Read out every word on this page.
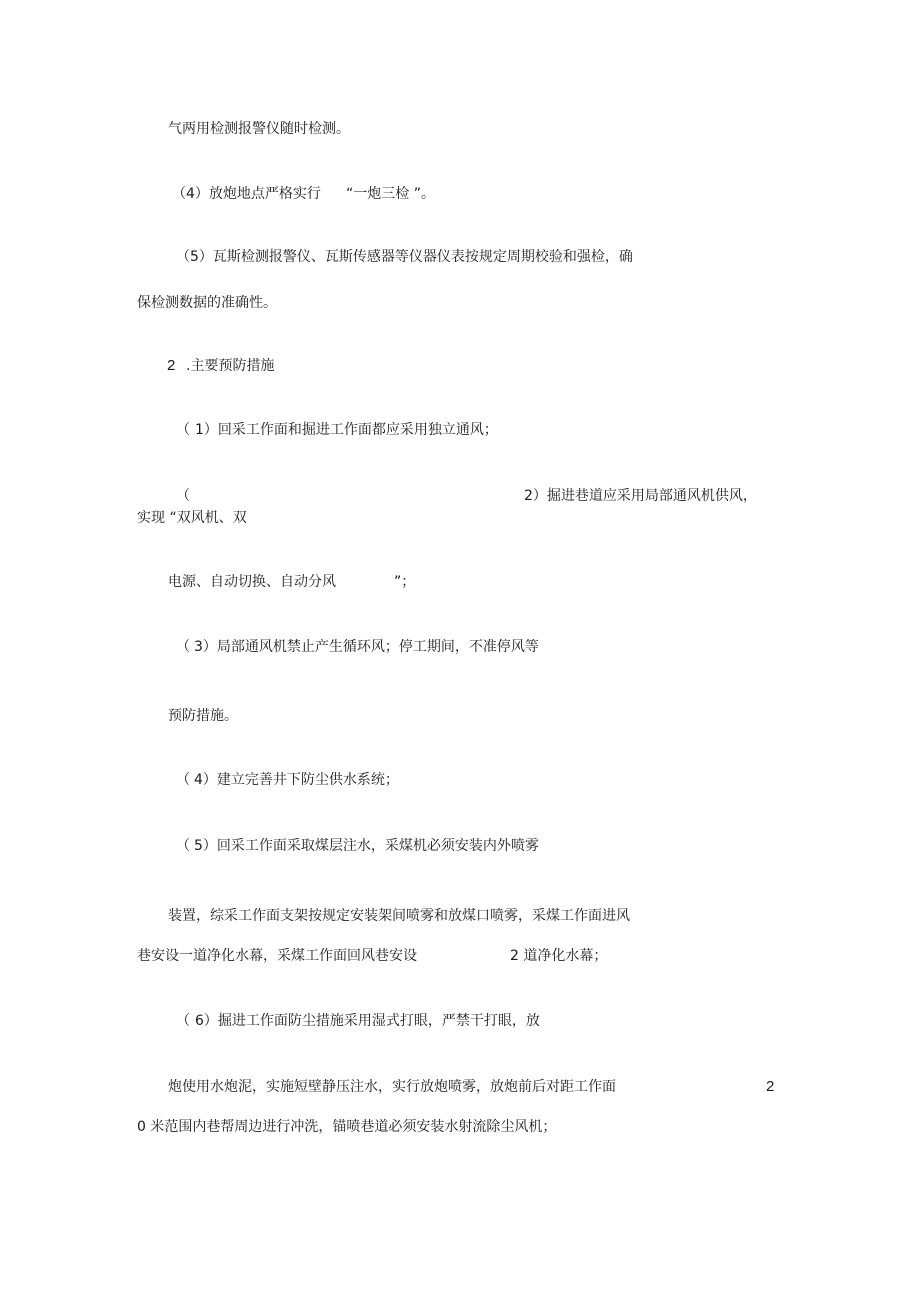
气两用检测报警仪随时检测。
（4）放炮地点严格实行 “一炮三检 ”。
（ 5）瓦斯检测报警仪、瓦斯传感器等仪器仪表按规定周期校验和强检，确
保检测数据的准确性。
2 .主要预防措施
（ 1）回采工作面和掘进工作面都应采用独立通风；
（	2）掘进巷道应采用局部通风机供风，
实现 “双风机、双
电源、自动切换、自动分风	”；
（ 3）局部通风机禁止产生循环风；停工期间，不准停风等
预防措施。
（ 4）建立完善井下防尘供水系统；
（ 5）回采工作面采取煤层注水，采煤机必须安装内外喷雾
装置，综采工作面支架按规定安装架间喷雾和放煤口喷雾，采煤工作面进风
巷安设一道净化水幕，采煤工作面回风巷安设	2 道净化水幕；
（ 6）掘进工作面防尘措施采用湿式打眼，严禁干打眼，放
炮使用水炮泥，实施短壁静压注水，实行放炮喷雾，放炮前后对距工作面	2
0 米范围内巷帮周边进行冲洗，锚喷巷道必须安装水射流除尘风机；
